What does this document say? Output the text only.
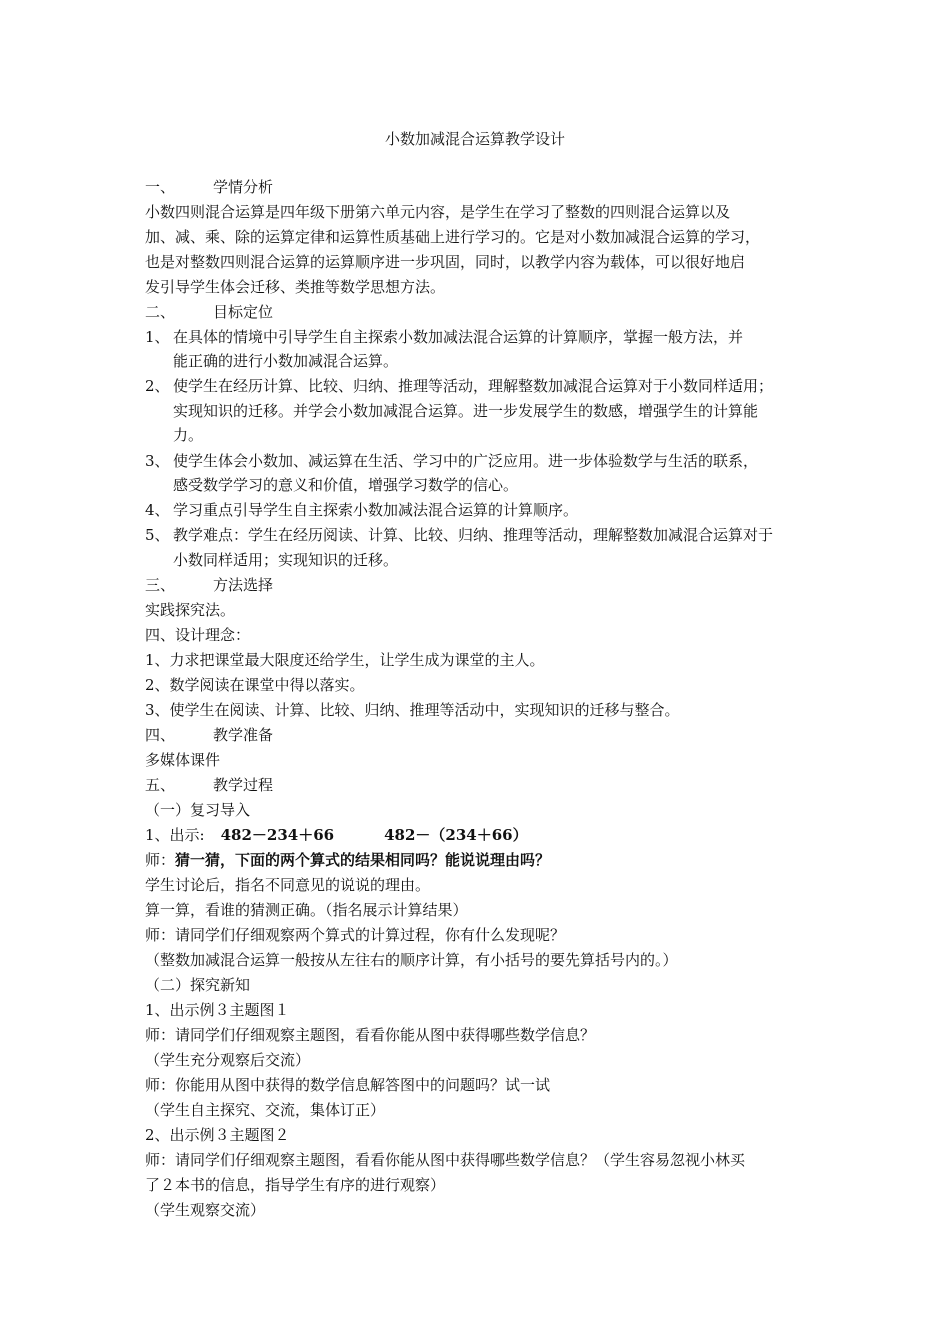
小数加减混合运算教学设计
一、	学情分析
小数四则混合运算是四年级下册第六单元内容，是学生在学习了整数的四则混合运算以及
加、减、乘、除的运算定律和运算性质基础上进行学习的。它是对小数加减混合运算的学习，
也是对整数四则混合运算的运算顺序进一步巩固，同时，以教学内容为载体，可以很好地启
发引导学生体会迁移、类推等数学思想方法。
二、	目标定位
1、 在具体的情境中引导学生自主探索小数加减法混合运算的计算顺序，掌握一般方法，并
能正确的进行小数加减混合运算。
2、 使学生在经历计算、比较、归纳、推理等活动，理解整数加减混合运算对于小数同样适用；
实现知识的迁移。并学会小数加减混合运算。进一步发展学生的数感，增强学生的计算能
力。
3、 使学生体会小数加、减运算在生活、学习中的广泛应用。进一步体验数学与生活的联系，
感受数学学习的意义和价值，增强学习数学的信心。
4、 学习重点引导学生自主探索小数加减法混合运算的计算顺序。
5、 教学难点：学生在经历阅读、计算、比较、归纳、推理等活动，理解整数加减混合运算对于
小数同样适用；实现知识的迁移。
三、	方法选择
实践探究法。
四、设计理念：
1、力求把课堂最大限度还给学生，让学生成为课堂的主人。
2、数学阅读在课堂中得以落实。
3、使学生在阅读、计算、比较、归纳、推理等活动中，实现知识的迁移与整合。
四、	教学准备
多媒体课件
五、	教学过程
（一）复习导入
1、出示: 482－234＋66	482－（234＋66）
师：猜一猜，下面的两个算式的结果相同吗？能说说理由吗？
学生讨论后，指名不同意见的说说的理由。
算一算，看谁的猜测正确。（指名展示计算结果）
师：请同学们仔细观察两个算式的计算过程，你有什么发现呢？
（整数加减混合运算一般按从左往右的顺序计算，有小括号的要先算括号内的。）
（二）探究新知
1、出示例３主题图１
师：请同学们仔细观察主题图，看看你能从图中获得哪些数学信息？
（学生充分观察后交流）
师：你能用从图中获得的数学信息解答图中的问题吗？试一试
（学生自主探究、交流，集体订正）
2、出示例３主题图２
师：请同学们仔细观察主题图，看看你能从图中获得哪些数学信息？（学生容易忽视小林买
了２本书的信息，指导学生有序的进行观察）
（学生观察交流）
